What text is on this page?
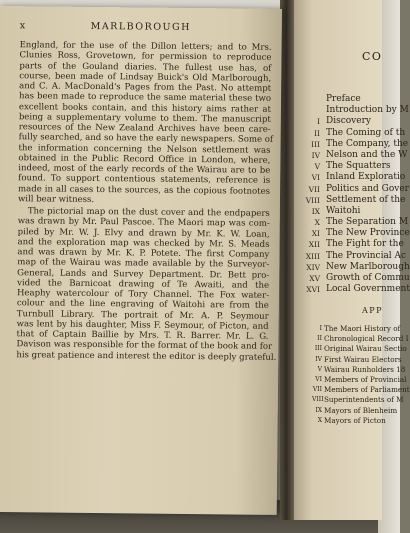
CO
Preface
Introduction by M
I Discovery
II The Coming of th
III The Company, the
IV Nelson and the W
V The Squatters
VI Inland Exploratio
VII Politics and Gover
VIII Settlement of the
IX Waitohi
X The Separation M
XI The New Province
XII The Fight for the
XIII The Provincial Ac
XIV New Marlborough
XV Growth of Commu
XVI Local Government
APP
I The Maori History of
II Chronological Record I
III Original Wairau Sectio
IV First Wairau Electors
V Wairau Runholders 18
VI Members of Provincial
VII Members of Parliament
VIII Superintendents of M
IX Mayors of Blenheim
X Mayors of Picton
x	MARLBOROUGH
England, for the use of the Dillon letters; and to Mrs.
Clunies Ross, Grovetown, for permission to reproduce
parts of the Gouland diaries. The fullest use has, of
course, been made of Lindsay Buick's Old Marlborough,
and C. A. MacDonald's Pages from the Past. No attempt
has been made to reproduce the same material these two
excellent books contain, and this history aims rather at
being a supplementary volume to them. The manuscript
resources of the New Zealand Archives have been care-
fully searched, and so have the early newspapers. Some of
the information concerning the Nelson settlement was
obtained in the Public Record Office in London, where,
indeed, most of the early records of the Wairau are to be
found. To support contentious statements, reference is
made in all cases to the sources, as the copious footnotes
will bear witness.
The pictorial map on the dust cover and the endpapers
was drawn by Mr. Paul Pascoe. The Maori map was com-
piled by Mr. W. J. Elvy and drawn by Mr. K. W. Loan,
and the exploration map was checked by Mr. S. Meads
and was drawn by Mr. K. P. Potete. The first Company
map of the Wairau was made available by the Surveyor-
General, Lands and Survey Department. Dr. Bett pro-
vided the Barnicoat drawing of Te Awaiti, and the
Heaphy watercolour of Tory Channel. The Fox water-
colour and the line engraving of Waitohi are from the
Turnbull Library. The portrait of Mr. A. P. Seymour
was lent by his daughter, Miss F. Seymour, of Picton, and
that of Captain Baillie by Mrs. T. R. Barrer. Mr. L. G.
Davison was responsible for the format of the book and for
his great patience and interest the editor is deeply grateful.
